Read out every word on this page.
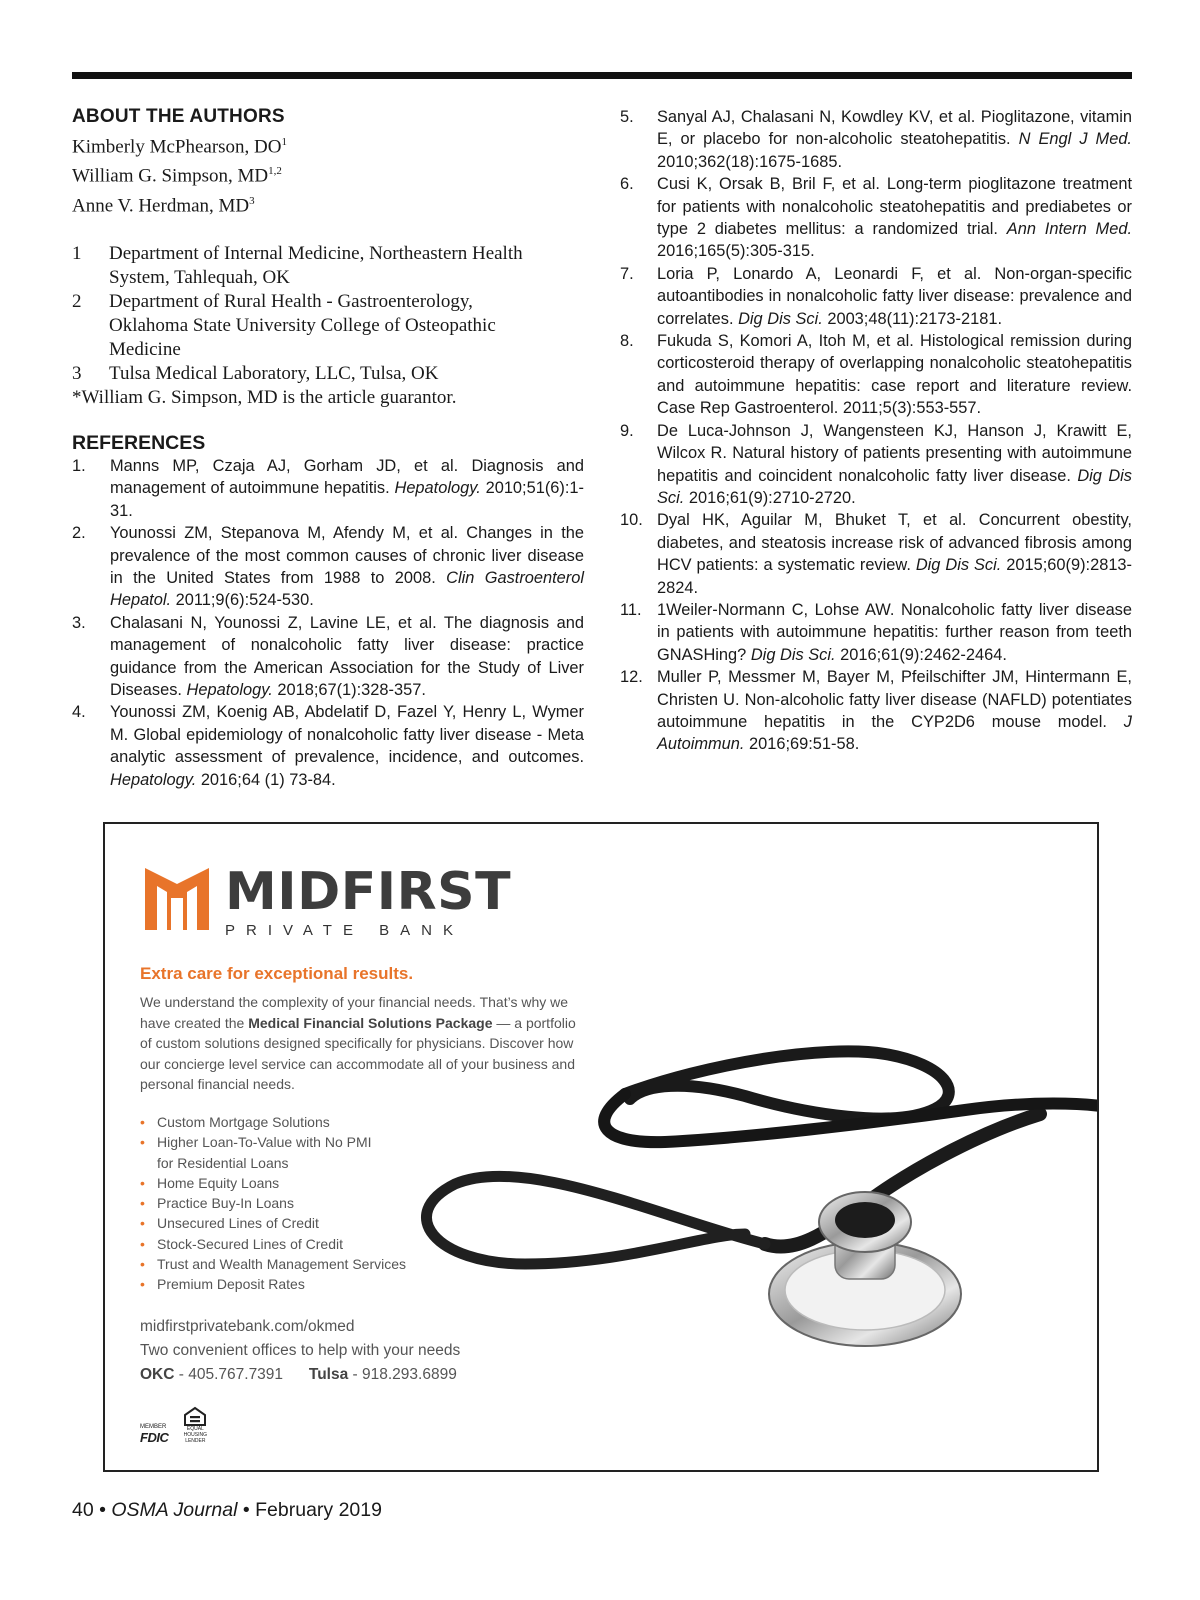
ABOUT THE AUTHORS
Kimberly McPhearson, $DO^1$
William G. Simpson, MD$^{1,2}$
Anne V. Herdman, $MD^3$
1	Department of Internal Medicine, Northeastern Health
System, Tahlequah, OK
2	Department of Rural Health - Gastroenterology,
Oklahoma State University College of Osteopathic
Medicine
3	Tulsa Medical Laboratory, LLC, Tulsa, OK
*William G. Simpson, MD is the article guarantor.
REFERENCES
1.	Manns MP, Czaja AJ, Gorham JD, et al. Diagnosis and management of autoimmune hepatitis. Hepatology. 2010;51(6):1-31.
2.	Younossi ZM, Stepanova M, Afendy M, et al. Changes in the prevalence of the most common causes of chronic liver disease in the United States from 1988 to 2008. Clin Gastroenterol Hepatol. 2011;9(6):524-530.
3.	Chalasani N, Younossi Z, Lavine LE, et al. The diagnosis and management of nonalcoholic fatty liver disease: practice guidance from the American Association for the Study of Liver Diseases. Hepatology. 2018;67(1):328-357.
4.	Younossi ZM, Koenig AB, Abdelatif D, Fazel Y, Henry L, Wymer M. Global epidemiology of nonalcoholic fatty liver disease - Meta analytic assessment of prevalence, incidence, and outcomes. Hepatology. 2016;64 (1) 73-84.
5.	Sanyal AJ, Chalasani N, Kowdley KV, et al. Pioglitazone, vitamin E, or placebo for non-alcoholic steatohepatitis. N Engl J Med. 2010;362(18):1675-1685.
6.	Cusi K, Orsak B, Bril F, et al. Long-term pioglitazone treatment for patients with nonalcoholic steatohepatitis and prediabetes or type 2 diabetes mellitus: a randomized trial. Ann Intern Med. 2016;165(5):305-315.
7.	Loria P, Lonardo A, Leonardi F, et al. Non-organ-specific autoantibodies in nonalcoholic fatty liver disease: prevalence and correlates. Dig Dis Sci. 2003;48(11):2173-2181.
8.	Fukuda S, Komori A, Itoh M, et al. Histological remission during corticosteroid therapy of overlapping nonalcoholic steatohepatitis and autoimmune hepatitis: case report and literature review. Case Rep Gastroenterol. 2011;5(3):553-557.
9.	De Luca-Johnson J, Wangensteen KJ, Hanson J, Krawitt E, Wilcox R. Natural history of patients presenting with autoimmune hepatitis and coincident nonalcoholic fatty liver disease. Dig Dis Sci. 2016;61(9):2710-2720.
10. Dyal HK, Aguilar M, Bhuket T, et al. Concurrent obestity, diabetes, and steatosis increase risk of advanced fibrosis among HCV patients: a systematic review. Dig Dis Sci. 2015;60(9):2813-2824.
11. 1Weiler-Normann C, Lohse AW. Nonalcoholic fatty liver disease in patients with autoimmune hepatitis: further reason from teeth GNASHing? Dig Dis Sci. 2016;61(9):2462-2464.
12. Muller P, Messmer M, Bayer M, Pfeilschifter JM, Hintermann E, Christen U. Non-alcoholic fatty liver disease (NAFLD) potentiates autoimmune hepatitis in the CYP2D6 mouse model. J Autoimmun. 2016;69:51-58.
MIDFIRST
PRIVATE BANK
Extra care for exceptional results.
We understand the complexity of your financial needs. That’s why we have created the Medical Financial Solutions Package — a portfolio of custom solutions designed specifically for physicians. Discover how our concierge level service can accommodate all of your business and personal financial needs.
• Custom Mortgage Solutions
• Higher Loan-To-Value with No PMI
for Residential Loans
• Home Equity Loans
• Practice Buy-In Loans
• Unsecured Lines of Credit
• Stock-Secured Lines of Credit
• Trust and Wealth Management Services
• Premium Deposit Rates
midfirstprivatebank.com/okmed
Two convenient offices to help with your needs
OKC - 405.767.7391 Tulsa - 918.293.6899
MEMBER
FDIC
EQUAL HOUSING LENDER
40 • OSMA Journal • February 2019
